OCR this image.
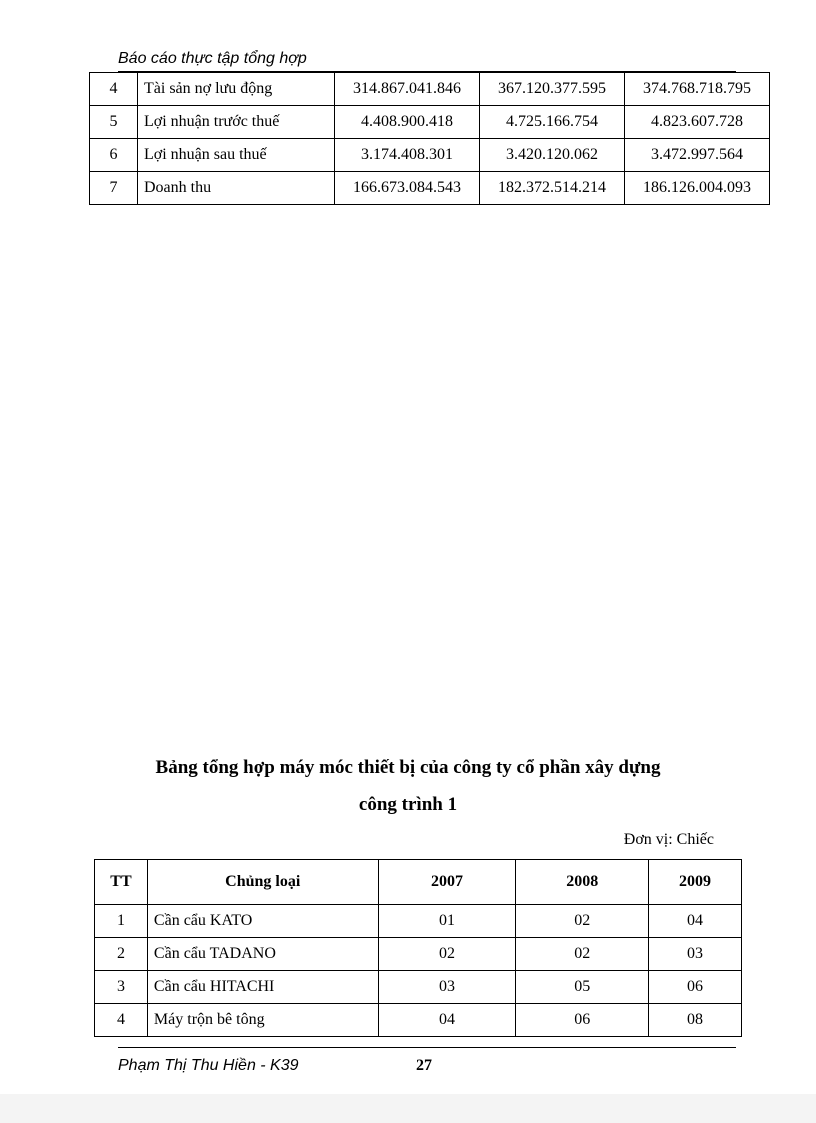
Báo cáo thực tập tổng hợp
4	Tài sản nợ lưu động	314.867.041.846	367.120.377.595	374.768.718.795
5	Lợi nhuận trước thuế	4.408.900.418	4.725.166.754	4.823.607.728
6	Lợi nhuận sau thuế	3.174.408.301	3.420.120.062	3.472.997.564
7	Doanh thu	166.673.084.543	182.372.514.214	186.126.004.093
Bảng tổng hợp máy móc thiết bị của công ty cổ phần xây dựng
công trình 1
Đơn vị: Chiếc
TT	Chủng loại	2007	2008	2009
1	Cần cẩu KATO	01	02	04
2	Cần cẩu TADANO	02	02	03
3	Cần cẩu HITACHI	03	05	06
4	Máy trộn bê tông	04	06	08
Phạm Thị Thu Hiền - K39	27
